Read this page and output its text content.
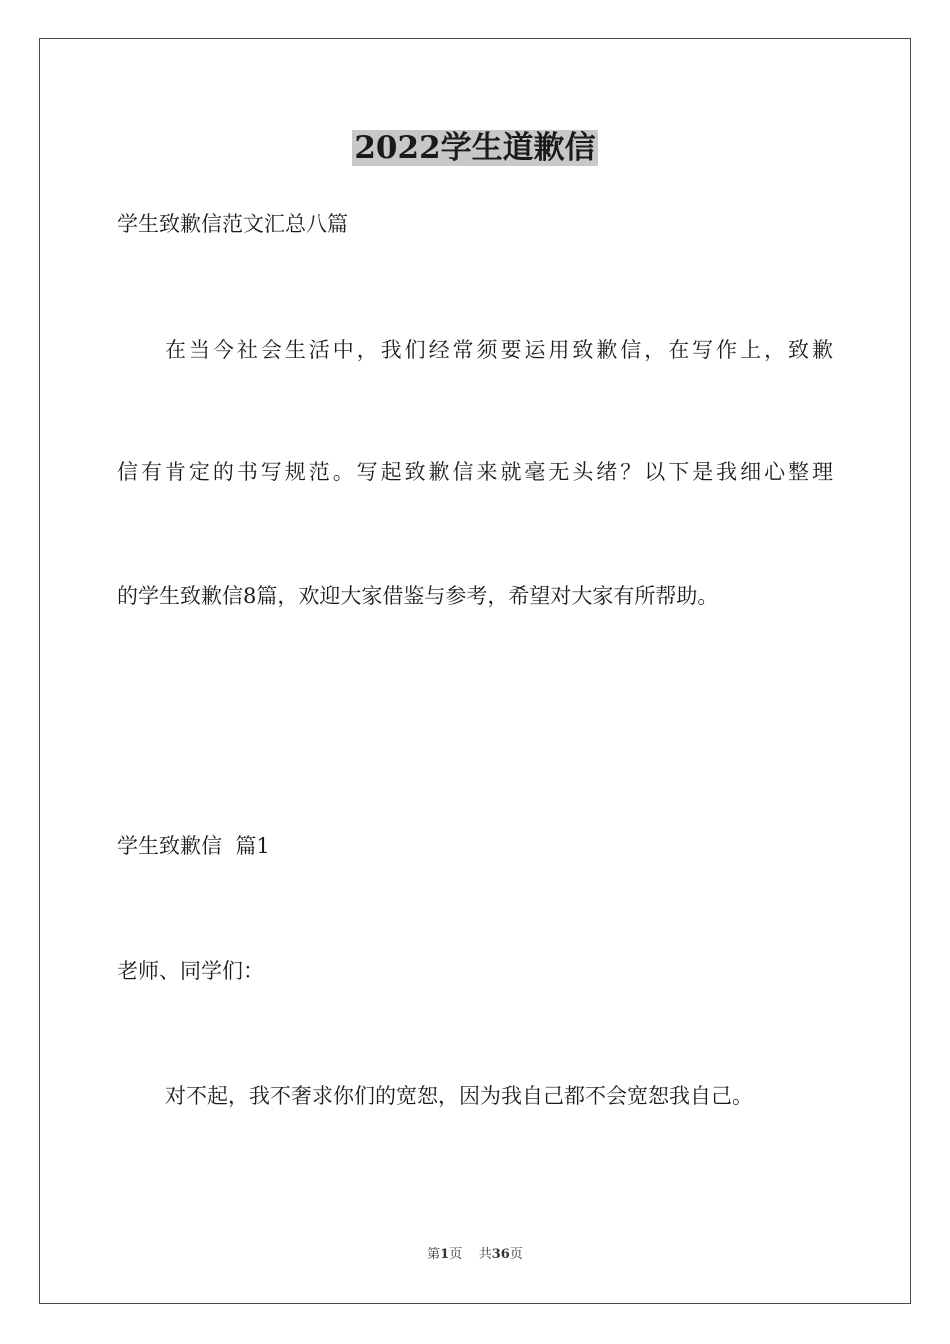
2022学生道歉信
学生致歉信范文汇总八篇
在当今社会生活中，我们经常须要运用致歉信，在写作上，致歉
信有肯定的书写规范。写起致歉信来就毫无头绪？以下是我细心整理
的学生致歉信8篇，欢迎大家借鉴与参考，希望对大家有所帮助。
学生致歉信  篇1
老师、同学们：
对不起，我不奢求你们的宽恕，因为我自己都不会宽恕我自己。
第1页    共36页
